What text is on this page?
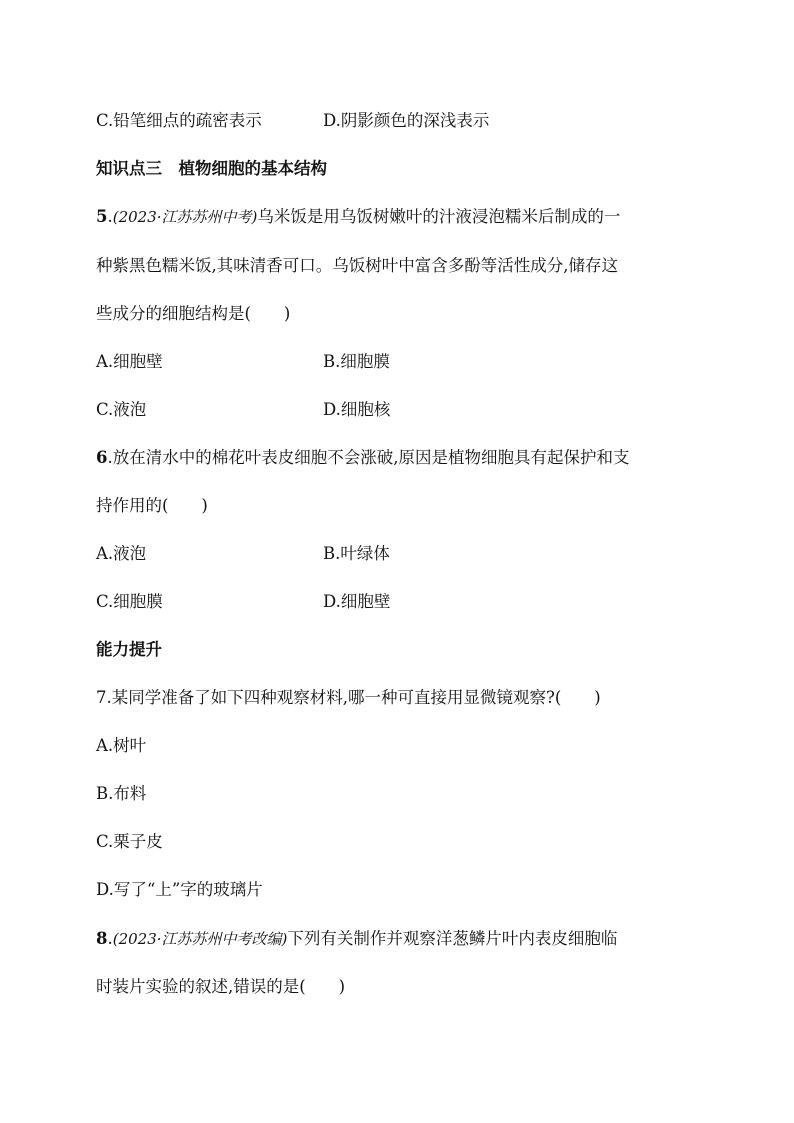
C.铅笔细点的疏密表示	D.阴影颜色的深浅表示
知识点三　植物细胞的基本结构
5.(2023·江苏苏州中考)乌米饭是用乌饭树嫩叶的汁液浸泡糯米后制成的一
种紫黑色糯米饭,其味清香可口。乌饭树叶中富含多酚等活性成分,储存这
些成分的细胞结构是(　　)
A.细胞壁	B.细胞膜
C.液泡	D.细胞核
6.放在清水中的棉花叶表皮细胞不会涨破,原因是植物细胞具有起保护和支
持作用的(　　)
A.液泡	B.叶绿体
C.细胞膜	D.细胞壁
能力提升
7.某同学准备了如下四种观察材料,哪一种可直接用显微镜观察?(　　)
A.树叶
B.布料
C.栗子皮
D.写了“上”字的玻璃片
8.(2023·江苏苏州中考改编)下列有关制作并观察洋葱鳞片叶内表皮细胞临
时装片实验的叙述,错误的是(　　)
